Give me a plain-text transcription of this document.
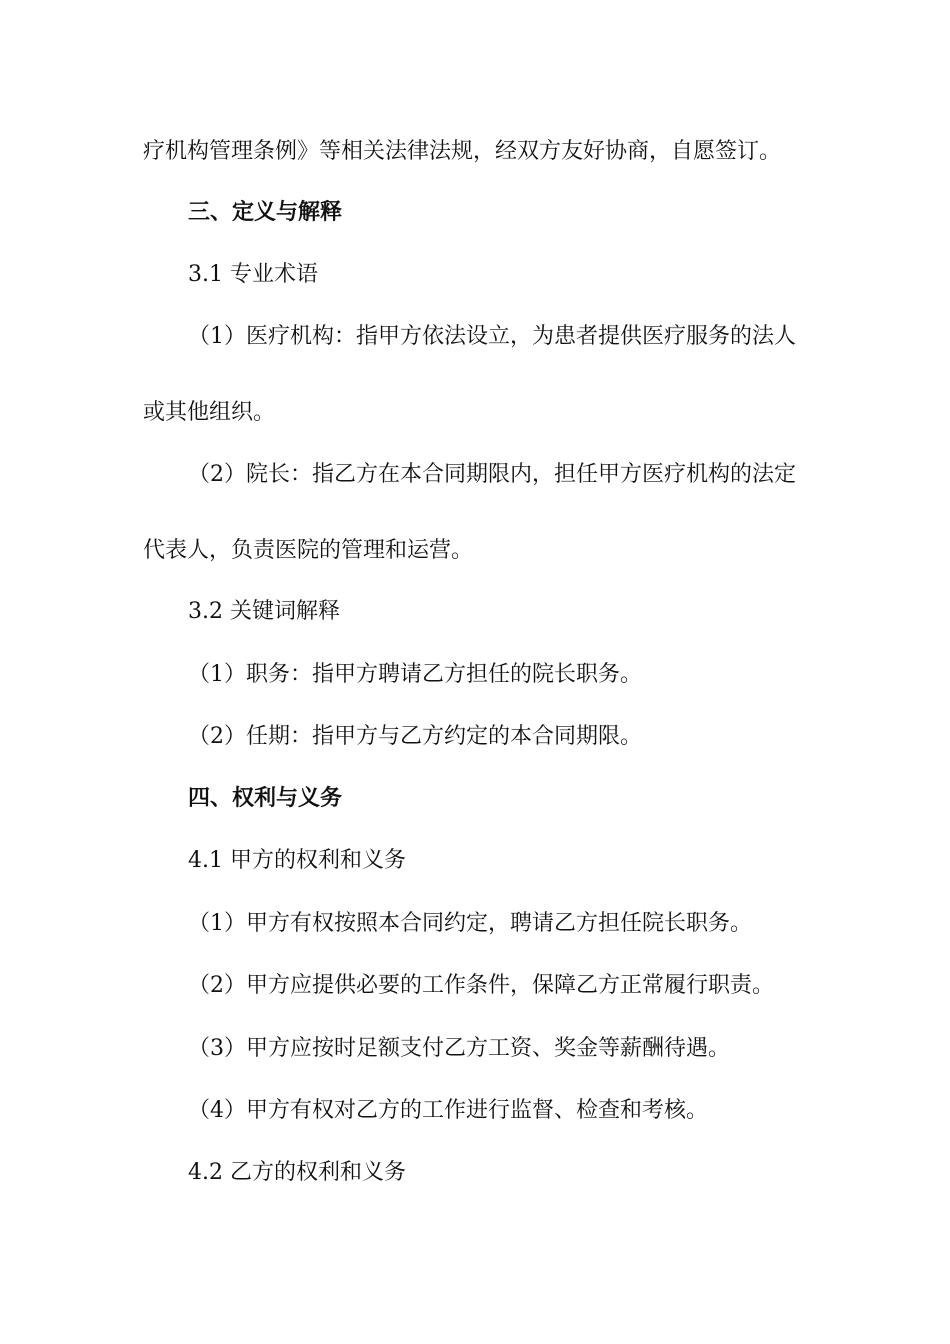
疗机构管理条例》等相关法律法规，经双方友好协商，自愿签订。

三、定义与解释

3.1 专业术语

（1）医疗机构：指甲方依法设立，为患者提供医疗服务的法人

或其他组织。

（2）院长：指乙方在本合同期限内，担任甲方医疗机构的法定

代表人，负责医院的管理和运营。

3.2 关键词解释

（1）职务：指甲方聘请乙方担任的院长职务。

（2）任期：指甲方与乙方约定的本合同期限。

四、权利与义务

4.1 甲方的权利和义务

（1）甲方有权按照本合同约定，聘请乙方担任院长职务。

（2）甲方应提供必要的工作条件，保障乙方正常履行职责。

（3）甲方应按时足额支付乙方工资、奖金等薪酬待遇。

（4）甲方有权对乙方的工作进行监督、检查和考核。

4.2 乙方的权利和义务
